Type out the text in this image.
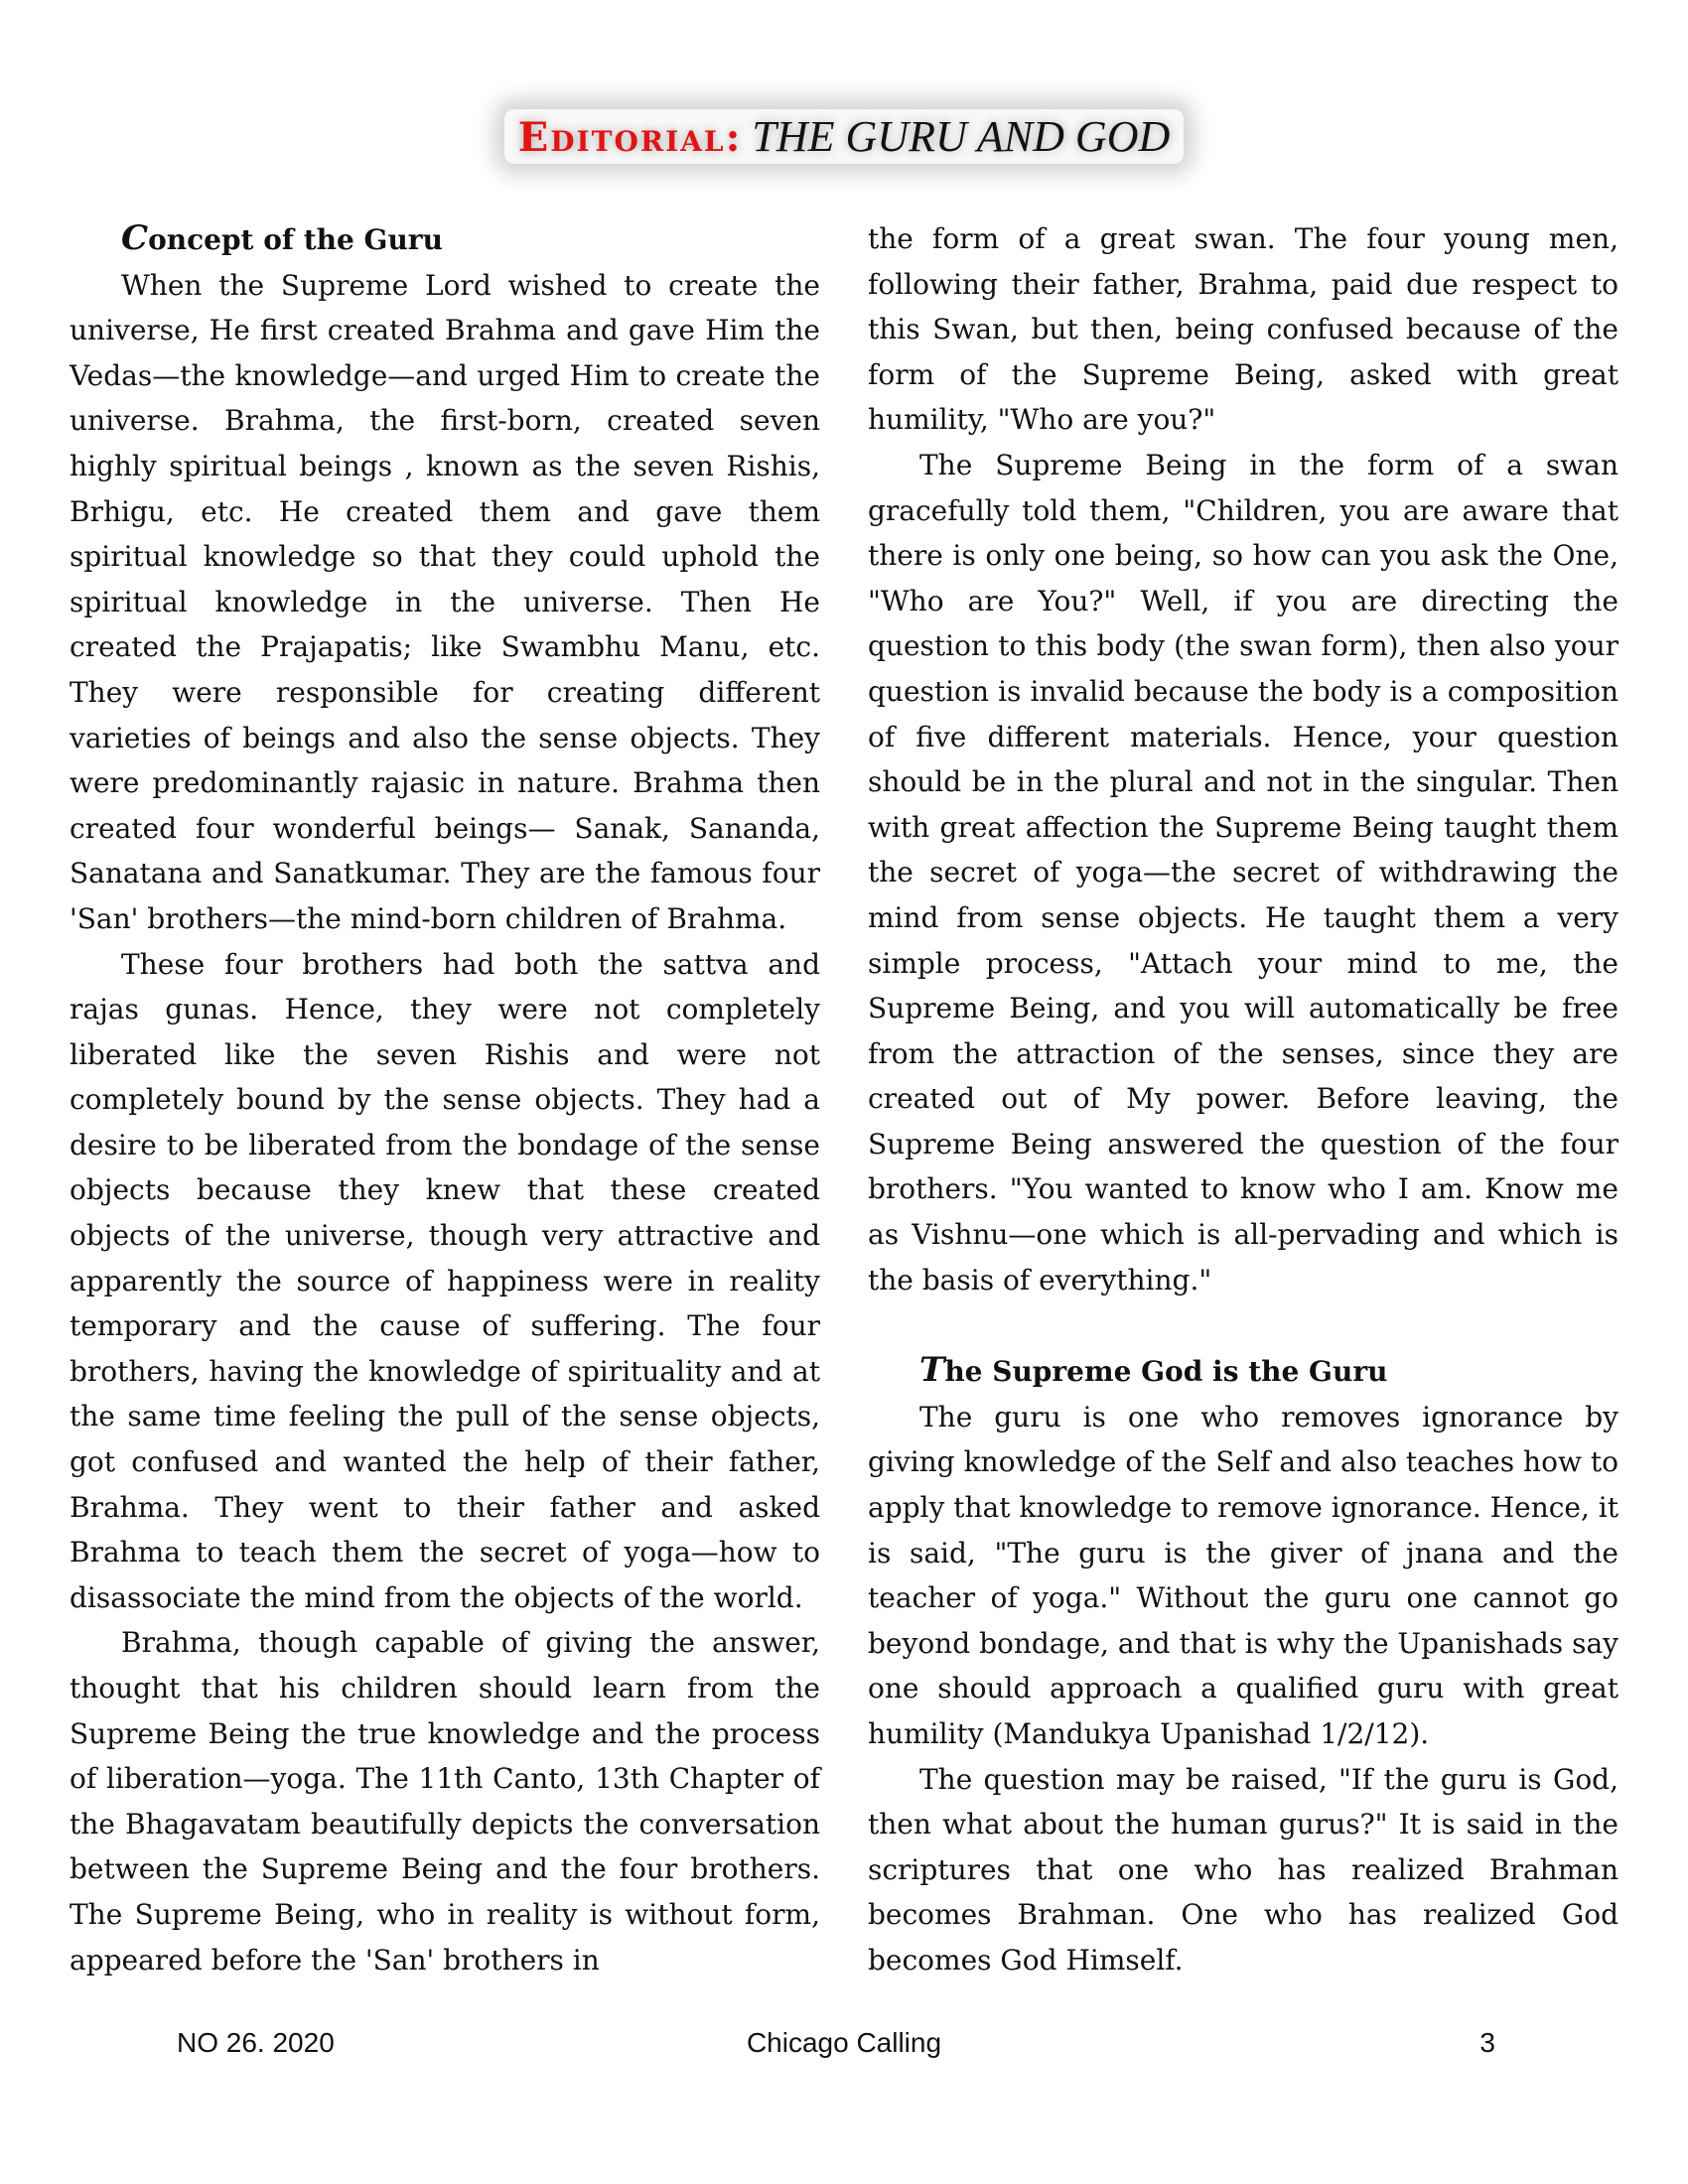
Editorial: THE GURU AND GOD
Concept of the Guru

When the Supreme Lord wished to create the universe, He first created Brahma and gave Him the Vedas—the knowledge—and urged Him to create the universe. Brahma, the first-born, created seven highly spiritual beings , known as the seven Rishis, Brhigu, etc. He created them and gave them spiritual knowledge so that they could uphold the spiritual knowledge in the universe. Then He created the Prajapatis; like Swambhu Manu, etc. They were responsible for creating different varieties of beings and also the sense objects. They were predominantly rajasic in nature. Brahma then created four wonderful beings— Sanak, Sananda, Sanatana and Sanatkumar. They are the famous four 'San' brothers—the mind-born children of Brahma.

These four brothers had both the sattva and rajas gunas. Hence, they were not completely liberated like the seven Rishis and were not completely bound by the sense objects. They had a desire to be liberated from the bondage of the sense objects because they knew that these created objects of the universe, though very attractive and apparently the source of happiness were in reality temporary and the cause of suffering. The four brothers, having the knowledge of spirituality and at the same time feeling the pull of the sense objects, got confused and wanted the help of their father, Brahma. They went to their father and asked Brahma to teach them the secret of yoga—how to disassociate the mind from the objects of the world.

Brahma, though capable of giving the answer, thought that his children should learn from the Supreme Being the true knowledge and the process of liberation—yoga. The 11th Canto, 13th Chapter of the Bhagavatam beautifully depicts the conversation between the Supreme Being and the four brothers. The Supreme Being, who in reality is without form, appeared before the 'San' brothers in

the form of a great swan. The four young men, following their father, Brahma, paid due respect to this Swan, but then, being confused because of the form of the Supreme Being, asked with great humility, "Who are you?"

The Supreme Being in the form of a swan gracefully told them, "Children, you are aware that there is only one being, so how can you ask the One, "Who are You?" Well, if you are directing the question to this body (the swan form), then also your question is invalid because the body is a composition of five different materials. Hence, your question should be in the plural and not in the singular. Then with great affection the Supreme Being taught them the secret of yoga—the secret of withdrawing the mind from sense objects. He taught them a very simple process, "Attach your mind to me, the Supreme Being, and you will automatically be free from the attraction of the senses, since they are created out of My power. Before leaving, the Supreme Being answered the question of the four brothers. "You wanted to know who I am. Know me as Vishnu—one which is all-pervading and which is the basis of everything."

The Supreme God is the Guru

The guru is one who removes ignorance by giving knowledge of the Self and also teaches how to apply that knowledge to remove ignorance. Hence, it is said, "The guru is the giver of jnana and the teacher of yoga." Without the guru one cannot go beyond bondage, and that is why the Upanishads say one should approach a qualified guru with great humility (Mandukya Upanishad 1/2/12).

The question may be raised, "If the guru is God, then what about the human gurus?" It is said in the scriptures that one who has realized Brahman becomes Brahman. One who has realized God becomes God Himself.

NO 26. 2020	Chicago Calling	3
